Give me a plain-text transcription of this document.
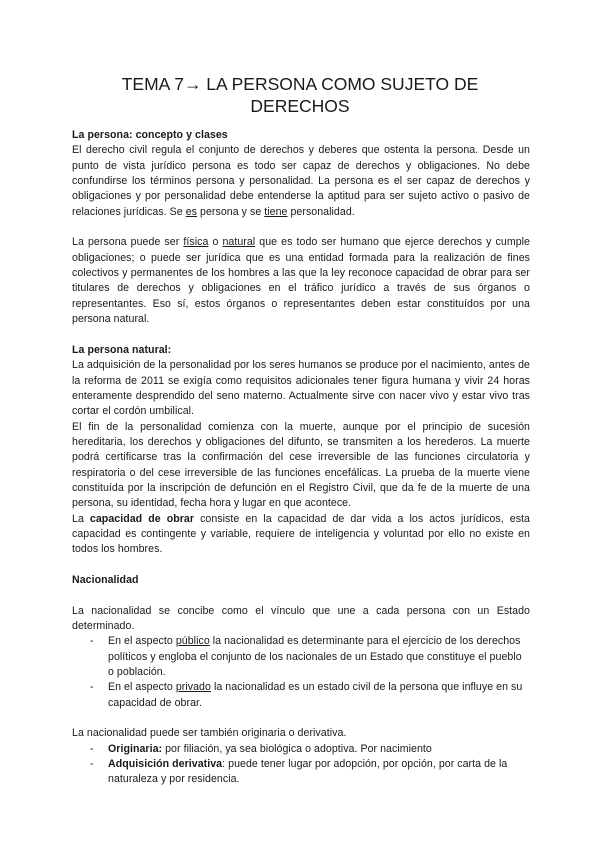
TEMA 7→ LA PERSONA COMO SUJETO DE
DERECHOS

La persona: concepto y clases

El derecho civil regula el conjunto de derechos y deberes que ostenta la persona. Desde un punto de vista jurídico persona es todo ser capaz de derechos y obligaciones. No debe confundirse los términos persona y personalidad. La persona es el ser capaz de derechos y obligaciones y por personalidad debe entenderse la aptitud para ser sujeto activo o pasivo de relaciones jurídicas. Se es persona y se tiene personalidad.

La persona puede ser física o natural que es todo ser humano que ejerce derechos y cumple obligaciones; o puede ser jurídica que es una entidad formada para la realización de fines colectivos y permanentes de los hombres a las que la ley reconoce capacidad de obrar para ser titulares de derechos y obligaciones en el tráfico jurídico a través de sus órganos o representantes. Eso sí, estos órganos o representantes deben estar constituídos por una persona natural.

La persona natural:

La adquisición de la personalidad por los seres humanos se produce por el nacimiento, antes de la reforma de 2011 se exigía como requisitos adicionales tener figura humana y vivir 24 horas enteramente desprendido del seno materno. Actualmente sirve con nacer vivo y estar vivo tras cortar el cordón umbilical.

El fin de la personalidad comienza con la muerte, aunque por el principio de sucesión hereditaria, los derechos y obligaciones del difunto, se transmiten a los herederos. La muerte podrá certificarse tras la confirmación del cese irreversible de las funciones circulatoria y respiratoria o del cese irreversible de las funciones encefálicas. La prueba de la muerte viene constituída por la inscripción de defunción en el Registro Civil, que da fe de la muerte de una persona, su identidad, fecha hora y lugar en que acontece.

La capacidad de obrar consiste en la capacidad de dar vida a los actos jurídicos, esta capacidad es contingente y variable, requiere de inteligencia y voluntad por ello no existe en todos los hombres.

Nacionalidad

La nacionalidad se concibe como el vínculo que une a cada persona con un Estado determinado.

- En el aspecto público la nacionalidad es determinante para el ejercicio de los derechos políticos y engloba el conjunto de los nacionales de un Estado que constituye el pueblo o población.
- En el aspecto privado la nacionalidad es un estado civil de la persona que influye en su capacidad de obrar.

La nacionalidad puede ser también originaria o derivativa.

- Originaria: por filiación, ya sea biológica o adoptiva. Por nacimiento
- Adquisición derivativa: puede tener lugar por adopción, por opción, por carta de la naturaleza y por residencia.
